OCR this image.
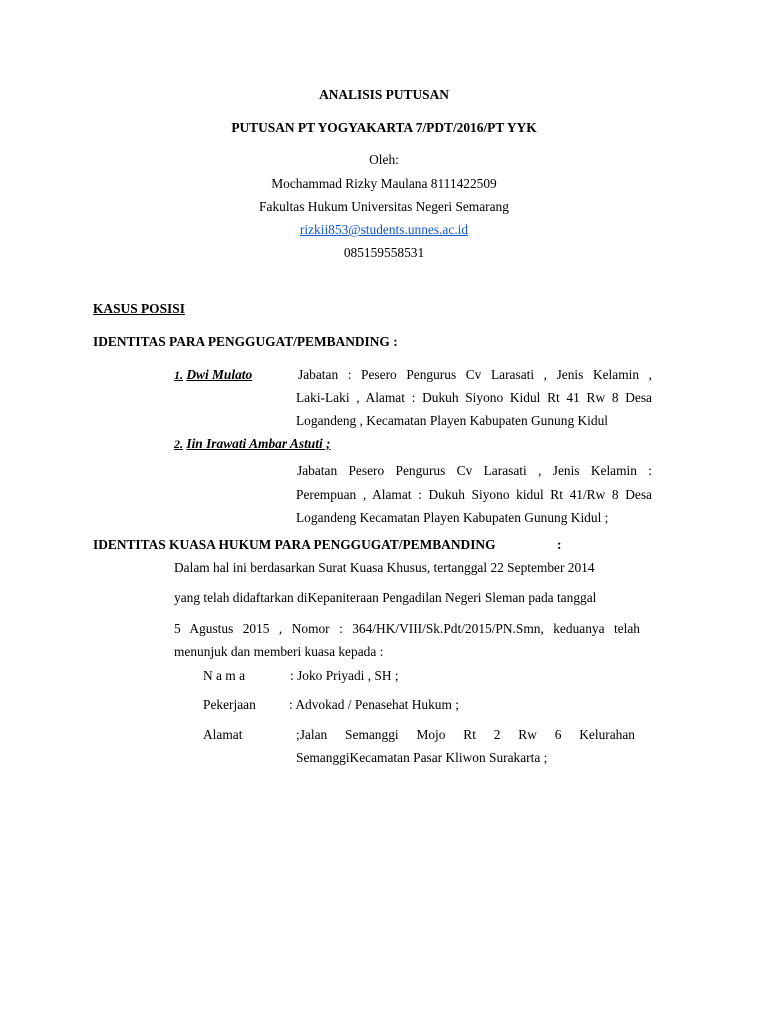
ANALISIS PUTUSAN
PUTUSAN PT YOGYAKARTA 7/PDT/2016/PT YYK
Oleh:
Mochammad Rizky Maulana 8111422509
Fakultas Hukum Universitas Negeri Semarang
rizkii853@students.unnes.ac.id
085159558531
KASUS POSISI
IDENTITAS PARA PENGGUGAT/PEMBANDING :
1. Dwi Mulato	Jabatan : Pesero Pengurus Cv Larasati , Jenis Kelamin ,
Laki-Laki , Alamat : Dukuh Siyono Kidul Rt 41 Rw 8 Desa
Logandeng , Kecamatan Playen Kabupaten Gunung Kidul
2. Iin Irawati Ambar Astuti ;
Jabatan Pesero Pengurus Cv Larasati , Jenis Kelamin :
Perempuan , Alamat : Dukuh Siyono kidul Rt 41/Rw 8 Desa
Logandeng Kecamatan Playen Kabupaten Gunung Kidul ;
IDENTITAS KUASA HUKUM PARA PENGGUGAT/PEMBANDING	:
Dalam hal ini berdasarkan Surat Kuasa Khusus, tertanggal 22 September 2014
yang telah didaftarkan diKepaniteraan Pengadilan Negeri Sleman pada tanggal
5 Agustus 2015 , Nomor : 364/HK/VIII/Sk.Pdt/2015/PN.Smn, keduanya telah
menunjuk dan memberi kuasa kepada :
N a m a	: Joko Priyadi , SH ;
Pekerjaan : Advokad / Penasehat Hukum ;
Alamat	;Jalan Semanggi Mojo Rt 2 Rw 6 Kelurahan
SemanggiKecamatan Pasar Kliwon Surakarta ;
